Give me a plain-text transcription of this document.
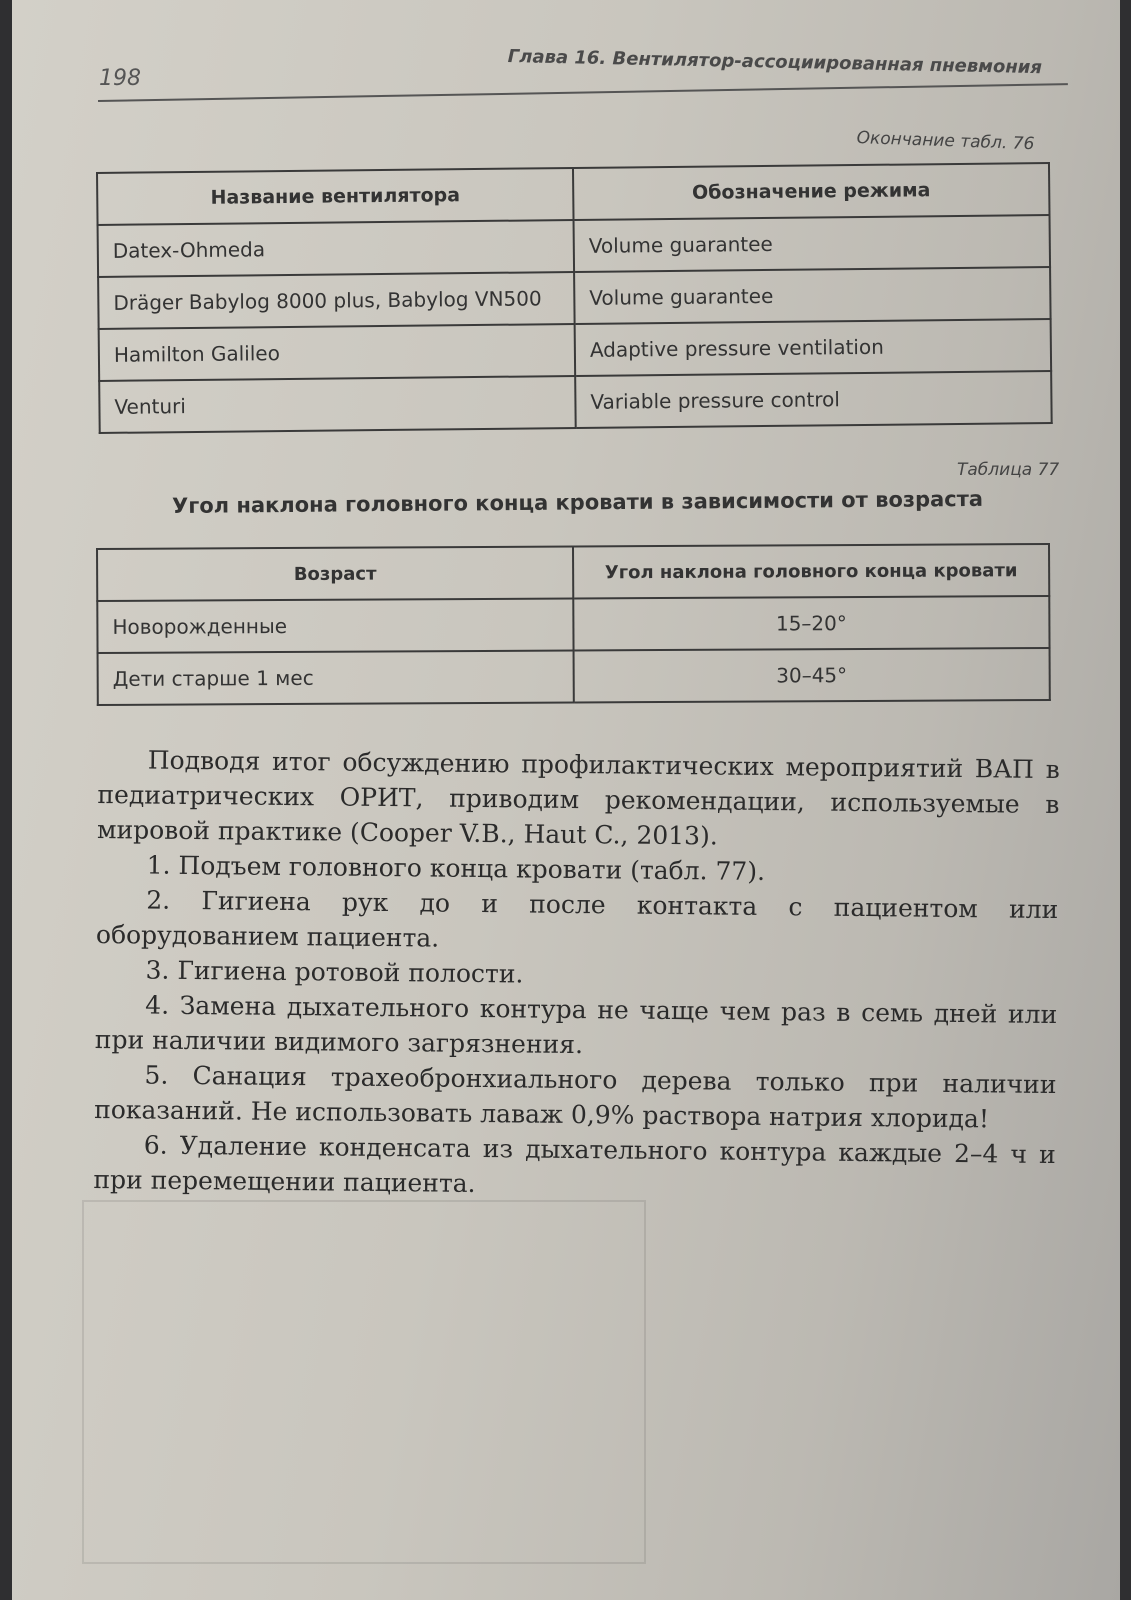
198
Глава 16. Вентилятор-ассоциированная пневмония
Окончание табл. 76
Название вентилятора	Обозначение режима
Datex-Ohmeda	Volume guarantee
Dräger Babylog 8000 plus, Babylog VN500	Volume guarantee
Hamilton Galileo	Adaptive pressure ventilation
Venturi	Variable pressure control
Таблица 77
Угол наклона головного конца кровати в зависимости от возраста
Возраст	Угол наклона головного конца кровати
Новорожденные	15–20°
Дети старше 1 мес	30–45°

Подводя итог обсуждению профилактических мероприятий ВАП в педиатрических ОРИТ, приводим рекомендации, используемые в мировой практике (Cooper V.B., Haut C., 2013).

1. Подъем головного конца кровати (табл. 77).

2. Гигиена рук до и после контакта с пациентом или оборудованием пациента.

3. Гигиена ротовой полости.

4. Замена дыхательного контура не чаще чем раз в семь дней или при наличии видимого загрязнения.

5. Санация трахеобронхиального дерева только при наличии показаний. Не использовать лаваж 0,9% раствора натрия хлорида!

6. Удаление конденсата из дыхательного контура каждые 2–4 ч и при перемещении пациента.
